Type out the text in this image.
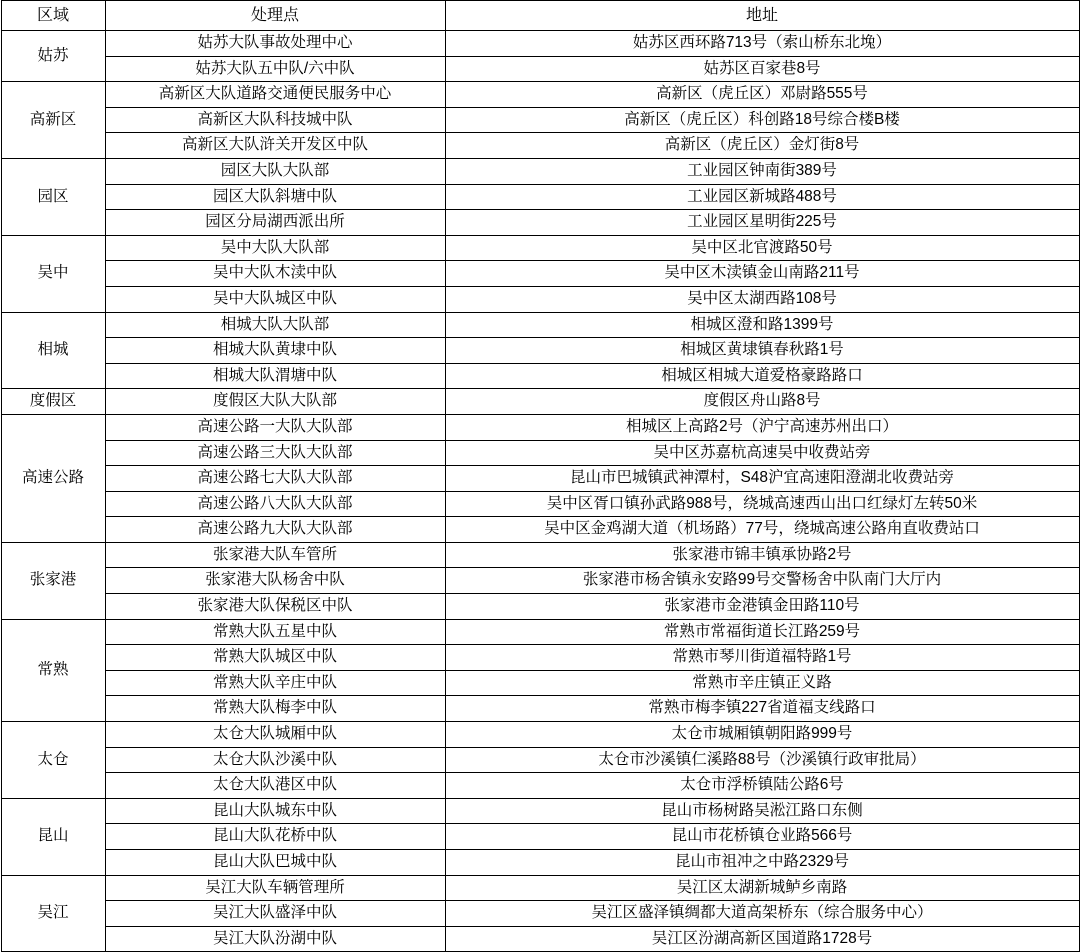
区域	处理点	地址
姑苏	姑苏大队事故处理中心	姑苏区西环路713号（索山桥东北堍）
	姑苏大队五中队/六中队	姑苏区百家巷8号
高新区	高新区大队道路交通便民服务中心	高新区（虎丘区）邓尉路555号
	高新区大队科技城中队	高新区（虎丘区）科创路18号综合楼B楼
	高新区大队浒关开发区中队	高新区（虎丘区）金灯街8号
园区	园区大队大队部	工业园区钟南街389号
	园区大队斜塘中队	工业园区新城路488号
	园区分局湖西派出所	工业园区星明街225号
吴中	吴中大队大队部	吴中区北官渡路50号
	吴中大队木渎中队	吴中区木渎镇金山南路211号
	吴中大队城区中队	吴中区太湖西路108号
相城	相城大队大队部	相城区澄和路1399号
	相城大队黄埭中队	相城区黄埭镇春秋路1号
	相城大队渭塘中队	相城区相城大道爱格豪路路口
度假区	度假区大队大队部	度假区舟山路8号
高速公路	高速公路一大队大队部	相城区上高路2号（沪宁高速苏州出口）
	高速公路三大队大队部	吴中区苏嘉杭高速吴中收费站旁
	高速公路七大队大队部	昆山市巴城镇武神潭村，S48沪宜高速阳澄湖北收费站旁
	高速公路八大队大队部	吴中区胥口镇孙武路988号，绕城高速西山出口红绿灯左转50米
	高速公路九大队大队部	吴中区金鸡湖大道（机场路）77号，绕城高速公路甪直收费站口
张家港	张家港大队车管所	张家港市锦丰镇承协路2号
	张家港大队杨舍中队	张家港市杨舍镇永安路99号交警杨舍中队南门大厅内
	张家港大队保税区中队	张家港市金港镇金田路110号
常熟	常熟大队五星中队	常熟市常福街道长江路259号
	常熟大队城区中队	常熟市琴川街道福特路1号
	常熟大队辛庄中队	常熟市辛庄镇正义路
	常熟大队梅李中队	常熟市梅李镇227省道福支线路口
太仓	太仓大队城厢中队	太仓市城厢镇朝阳路999号
	太仓大队沙溪中队	太仓市沙溪镇仁溪路88号（沙溪镇行政审批局）
	太仓大队港区中队	太仓市浮桥镇陆公路6号
昆山	昆山大队城东中队	昆山市杨树路吴淞江路口东侧
	昆山大队花桥中队	昆山市花桥镇仓业路566号
	昆山大队巴城中队	昆山市祖冲之中路2329号
吴江	吴江大队车辆管理所	吴江区太湖新城鲈乡南路
	吴江大队盛泽中队	吴江区盛泽镇绸都大道高架桥东（综合服务中心）
	吴江大队汾湖中队	吴江区汾湖高新区国道路1728号
